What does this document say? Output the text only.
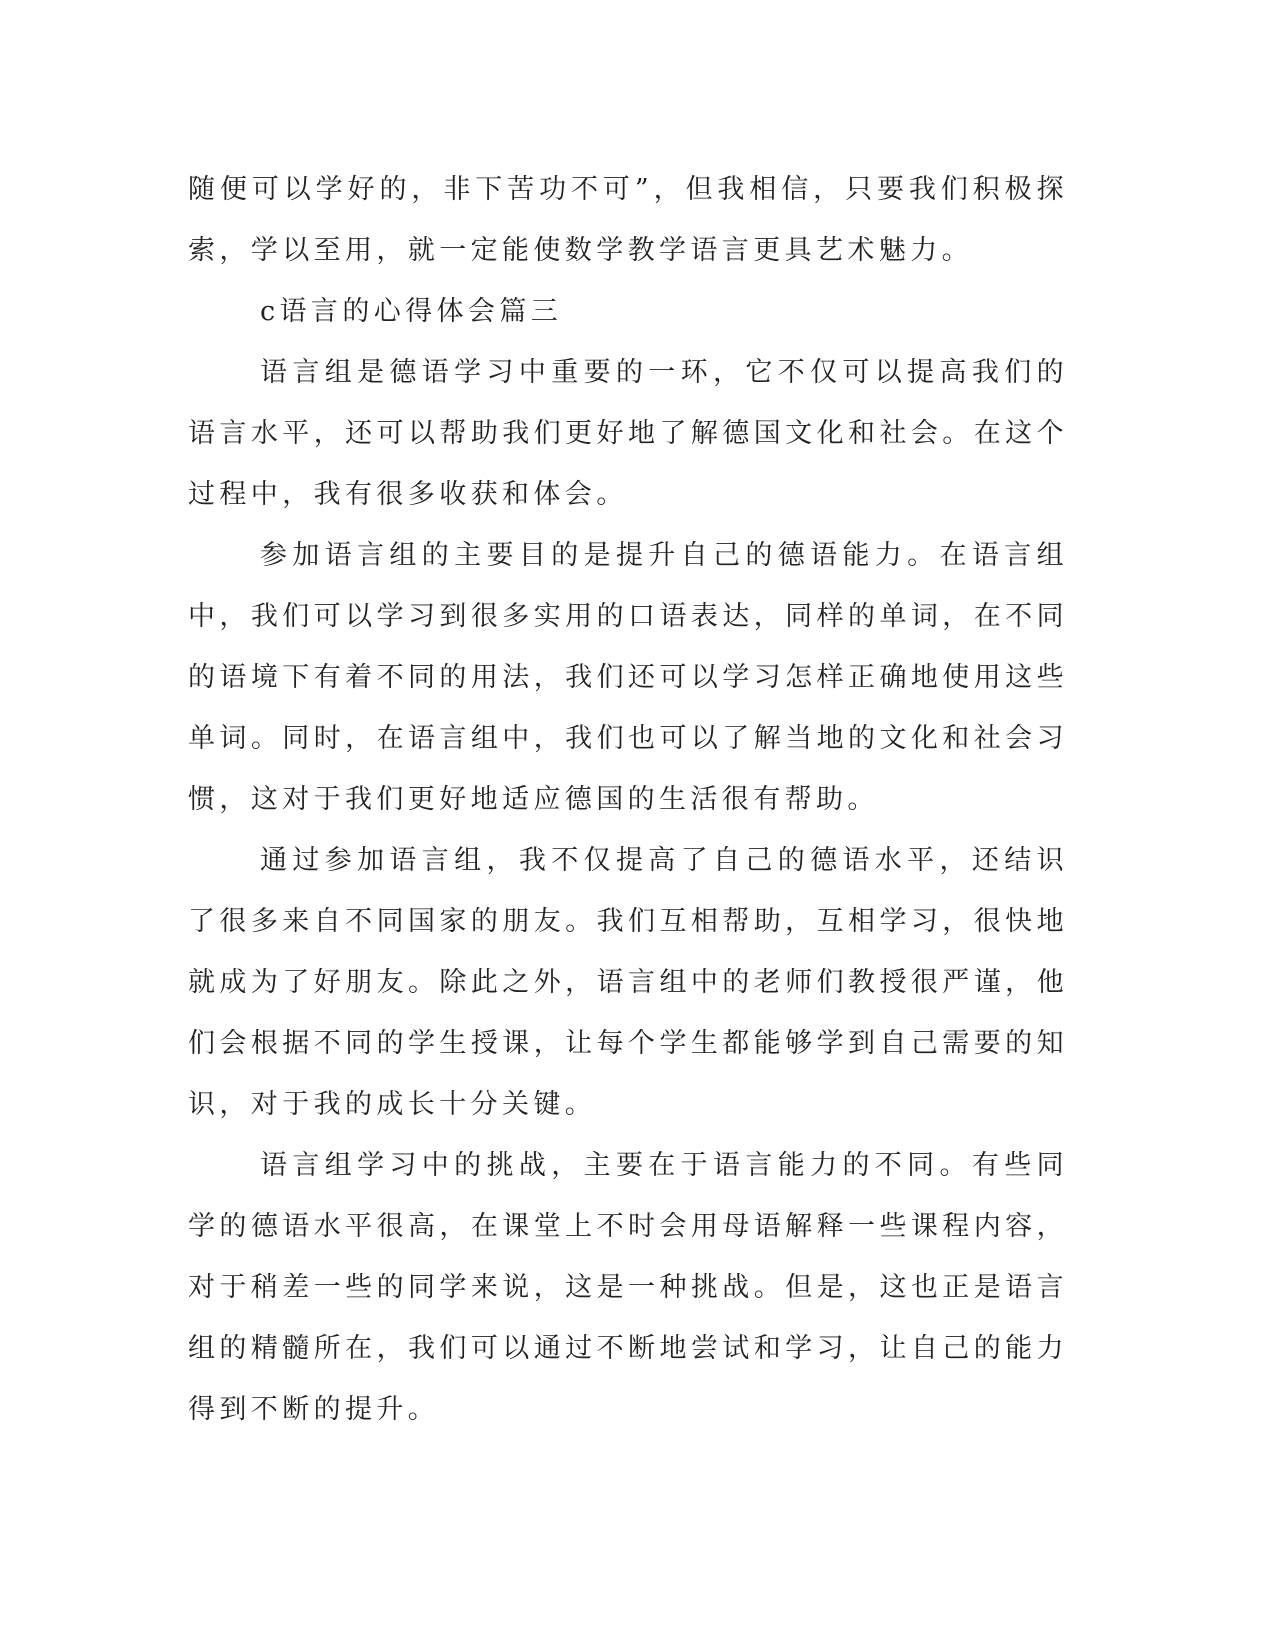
随便可以学好的，非下苦功不可”，但我相信，只要我们积极探索，学以至用，就一定能使数学教学语言更具艺术魅力。

c语言的心得体会篇三

语言组是德语学习中重要的一环，它不仅可以提高我们的语言水平，还可以帮助我们更好地了解德国文化和社会。在这个过程中，我有很多收获和体会。

参加语言组的主要目的是提升自己的德语能力。在语言组中，我们可以学习到很多实用的口语表达，同样的单词，在不同的语境下有着不同的用法，我们还可以学习怎样正确地使用这些单词。同时，在语言组中，我们也可以了解当地的文化和社会习惯，这对于我们更好地适应德国的生活很有帮助。

通过参加语言组，我不仅提高了自己的德语水平，还结识了很多来自不同国家的朋友。我们互相帮助，互相学习，很快地就成为了好朋友。除此之外，语言组中的老师们教授很严谨，他们会根据不同的学生授课，让每个学生都能够学到自己需要的知识，对于我的成长十分关键。

语言组学习中的挑战，主要在于语言能力的不同。有些同学的德语水平很高，在课堂上不时会用母语解释一些课程内容，对于稍差一些的同学来说，这是一种挑战。但是，这也正是语言组的精髓所在，我们可以通过不断地尝试和学习，让自己的能力得到不断的提升。
